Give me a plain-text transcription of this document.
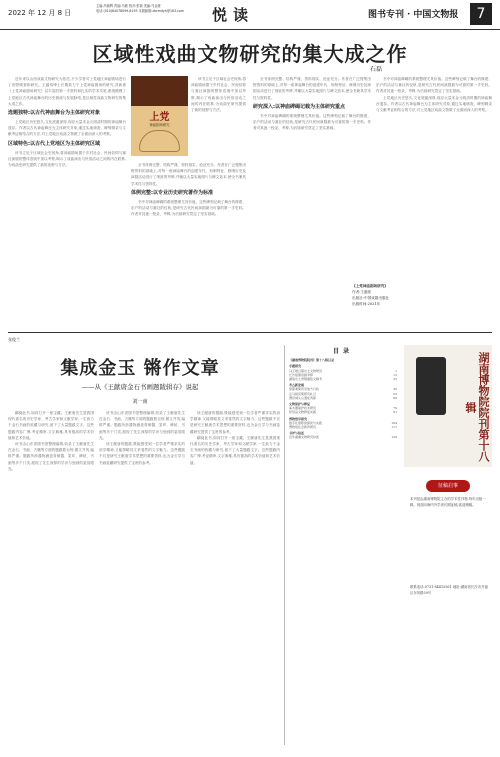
2022 年 12 月 8 日
主编:冯朝辉 责编:马敏 校对:张颖 美编:马金萱
电话:(010)64078099-8193 本版邮箱:zbcmdyh@163.com	悦读	图书专刊 · 中国文物报	7
区域性戏曲文物研究的集大成之作
石磊

近年来以山西戏曲文物研究为依托,不少学者对上党地区神庙剧场进行了田野调查和研究。王潞伟博士长期致力于上党神庙剧场的研究,其新著《上党神庙剧场研究》以丰富的第一手资料和扎实的学术功底,系统梳理了上党地区古代神庙舞台的历史源流与发展脉络,是区域性戏曲文物研究的集大成之作。

选题独特:以古代神庙舞台为主体研究对象

上党地区历史悠久,文化底蕴深厚,现存大量宋金元明清时期的神庙舞台遗存。作者以古代神庙舞台为主体研究对象,通过实地调查、碑刻辑录与文献考证相结合的方法,对上党地区戏曲文物做了全面而深入的考察。

区域特色:以古代上党地区为主体研究区域

该书立足于区域社会史视角,将神庙剧场置于乡村社会、民间信仰与赛社演剧的整体语境中加以考察,揭示了戏曲演出与民俗活动之间的内在联系,为戏曲史研究提供了新的视野与方法。

上党
神庙剧场研究

该书立足于区域社会史视角,将神庙剧场置于乡村社会、民间信仰与赛社演剧的整体语境中加以考察,揭示了戏曲演出与民俗活动之间的内在联系,为戏曲史研究提供了新的视野与方法。

全书体例完整、结构严谨、资料翔实、论证充分。作者在广泛搜集田野资料的基础上,对每一座神庙舞台的创建年代、形制特征、修缮历史及演剧活动进行了细致的考辨,并辅以大量实地照片与碑文拓本,使全书兼具学术性与资料性。

体例完整:以专业历史研究著作为标准

书中对神庙碑碣的系统整理尤具价值。这些碑刻记载了舞台的修建、乐户的活动与赛社的仪轨,是研究古代民间演剧最为可靠的第一手史料。作者对其逐一校录、考释,为后续研究奠定了坚实基础。

全书体例完整、结构严谨、资料翔实、论证充分。作者在广泛搜集田野资料的基础上,对每一座神庙舞台的创建年代、形制特征、修缮历史及演剧活动进行了细致的考辨,并辅以大量实地照片与碑文拓本,使全书兼具学术性与资料性。

研究深入:以神庙碑碣记载为主体研究重点

书中对神庙碑碣的系统整理尤具价值。这些碑刻记载了舞台的修建、乐户的活动与赛社的仪轨,是研究古代民间演剧最为可靠的第一手史料。作者对其逐一校录、考释,为后续研究奠定了坚实基础。

书中对神庙碑碣的系统整理尤具价值。这些碑刻记载了舞台的修建、乐户的活动与赛社的仪轨,是研究古代民间演剧最为可靠的第一手史料。作者对其逐一校录、考释,为后续研究奠定了坚实基础。

上党地区历史悠久,文化底蕴深厚,现存大量宋金元明清时期的神庙舞台遗存。作者以古代神庙舞台为主体研究对象,通过实地调查、碑刻辑录与文献考证相结合的方法,对上党地区戏曲文物做了全面而深入的考察。

《上党神庙剧场研究》
作者:王潞伟
出版社:中国戏剧出版社
出版时间:2021年
张俊兰
集成金玉 锵作文章
——从《王献唐金石书画题跋辑存》说起
刘一南

翻阅此书,如同打开一座宝藏。王献唐先生是我国现代著名的历史学家、考古学家和文献学家,一生致力于金石书画的收藏与研究,留下了大量题跋文字。这些题跋内容广博,考证精审,文字典雅,具有极高的学术价值和艺术价值。

该书由山东省图书馆整理编辑,收录了王献唐先生在金石、书画、古籍等方面的题跋数百则,图文并茂,编排严谨。题跋所涉器物涵盖青铜器、玺印、碑帖、书画等多个门类,展现了先生深厚的学识与独到的鉴赏眼光。

该书由山东省图书馆整理编辑,收录了王献唐先生在金石、书画、古籍等方面的题跋数百则,图文并茂,编排严谨。题跋所涉器物涵盖青铜器、玺印、碑帖、书画等多个门类,展现了先生深厚的学识与独到的鉴赏眼光。

读王献唐的题跋,既能感受到一位学者严谨求实的治学精神,又能领略其文采斐然的文字魅力。这些题跋不仅是研究王献唐学术思想的重要资料,也为金石学与书画鉴藏研究提供了宝贵的参考。

读王献唐的题跋,既能感受到一位学者严谨求实的治学精神,又能领略其文采斐然的文字魅力。这些题跋不仅是研究王献唐学术思想的重要资料,也为金石学与书画鉴藏研究提供了宝贵的参考。

翻阅此书,如同打开一座宝藏。王献唐先生是我国现代著名的历史学家、考古学家和文献学家,一生致力于金石书画的收藏与研究,留下了大量题跋文字。这些题跋内容广博,考证精审,文字典雅,具有极高的学术价值和艺术价值。

目录
《湖南博物院院刊》第十八辑目录
专题研究
马王堆汉墓出土文物研究	1
长沙楚墓帛画考释	12
湖南出土青铜器铭文辑考	25
考古新发现
里耶秦简所见地方行政	38
走马楼吴简研究札记	52
澧县城头山遗址再探	66
文物保护与修复
漆木器保护技术研究	79
丝织品文物修复实践	91
博物馆学研究
数字化展陈的探索与实践	104
博物馆社会教育研究	117
书评与综述
近年湖湘文物研究综述	129	湖南博物院院刊第十八辑
征稿启事
本刊是由湖南博物院主办的学术性刊物,每年出版一辑。现面向海内外学者长期征稿,欢迎赐稿。
联系电话:0731-84415561 地址:湖南省长沙市开福区东风路50号
